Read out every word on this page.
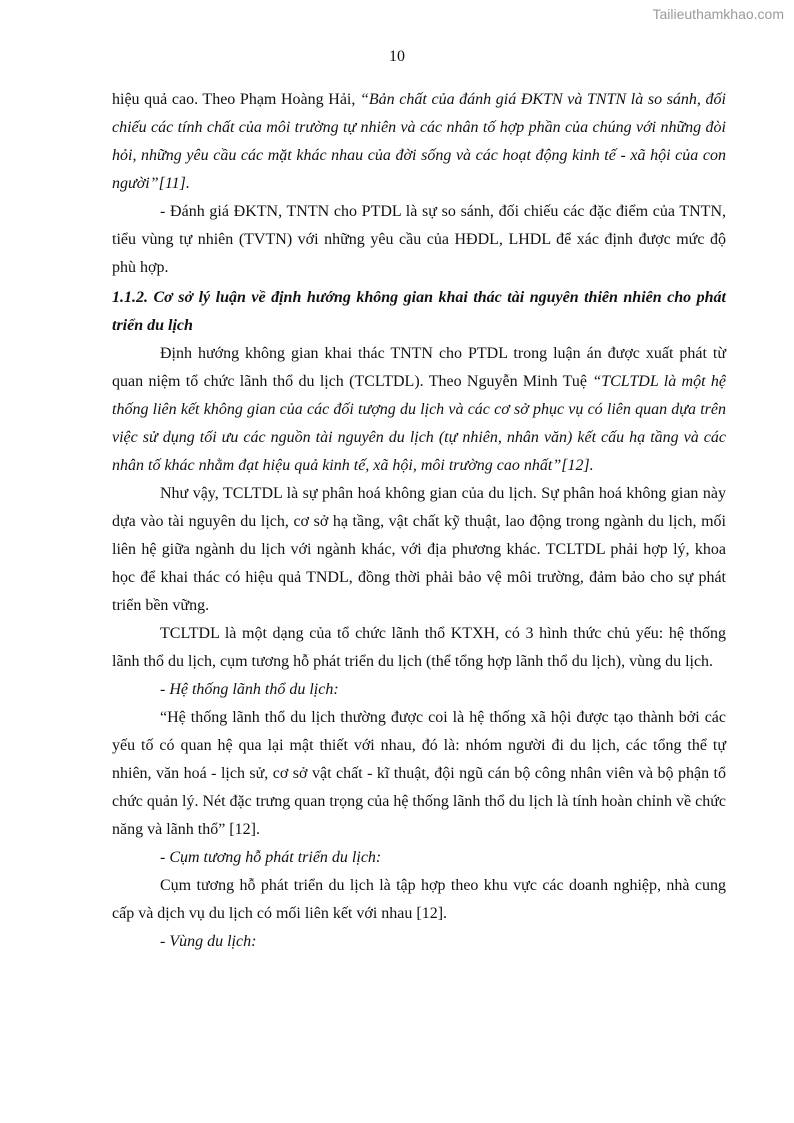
Tailieuthamkhao.com
10

hiệu quả cao. Theo Phạm Hoàng Hải, “Bản chất của đánh giá ĐKTN và TNTN là so sánh, đối chiếu các tính chất của môi trường tự nhiên và các nhân tố hợp phần của chúng với những đòi hỏi, những yêu cầu các mặt khác nhau của đời sống và các hoạt động kinh tế - xã hội của con người”[11].

- Đánh giá ĐKTN, TNTN cho PTDL là sự so sánh, đối chiếu các đặc điểm của TNTN, tiểu vùng tự nhiên (TVTN) với những yêu cầu của HĐDL, LHDL để xác định được mức độ phù hợp.

1.1.2. Cơ sở lý luận về định hướng không gian khai thác tài nguyên thiên nhiên cho phát triển du lịch

Định hướng không gian khai thác TNTN cho PTDL trong luận án được xuất phát từ quan niệm tổ chức lãnh thổ du lịch (TCLTDL). Theo Nguyễn Minh Tuệ “TCLTDL là một hệ thống liên kết không gian của các đối tượng du lịch và các cơ sở phục vụ có liên quan dựa trên việc sử dụng tối ưu các nguồn tài nguyên du lịch (tự nhiên, nhân văn) kết cấu hạ tầng và các nhân tố khác nhằm đạt hiệu quả kinh tế, xã hội, môi trường cao nhất”[12].

Như vậy, TCLTDL là sự phân hoá không gian của du lịch. Sự phân hoá không gian này dựa vào tài nguyên du lịch, cơ sở hạ tầng, vật chất kỹ thuật, lao động trong ngành du lịch, mối liên hệ giữa ngành du lịch với ngành khác, với địa phương khác. TCLTDL phải hợp lý, khoa học để khai thác có hiệu quả TNDL, đồng thời phải bảo vệ môi trường, đảm bảo cho sự phát triển bền vững.

TCLTDL là một dạng của tổ chức lãnh thổ KTXH, có 3 hình thức chủ yếu: hệ thống lãnh thổ du lịch, cụm tương hỗ phát triển du lịch (thể tổng hợp lãnh thổ du lịch), vùng du lịch.

- Hệ thống lãnh thổ du lịch:

“Hệ thống lãnh thổ du lịch thường được coi là hệ thống xã hội được tạo thành bởi các yếu tố có quan hệ qua lại mật thiết với nhau, đó là: nhóm người đi du lịch, các tổng thể tự nhiên, văn hoá - lịch sử, cơ sở vật chất - kĩ thuật, đội ngũ cán bộ công nhân viên và bộ phận tổ chức quản lý. Nét đặc trưng quan trọng của hệ thống lãnh thổ du lịch là tính hoàn chỉnh về chức năng và lãnh thổ” [12].

- Cụm tương hỗ phát triển du lịch:

Cụm tương hỗ phát triển du lịch là tập hợp theo khu vực các doanh nghiệp, nhà cung cấp và dịch vụ du lịch có mối liên kết với nhau [12].

- Vùng du lịch:
